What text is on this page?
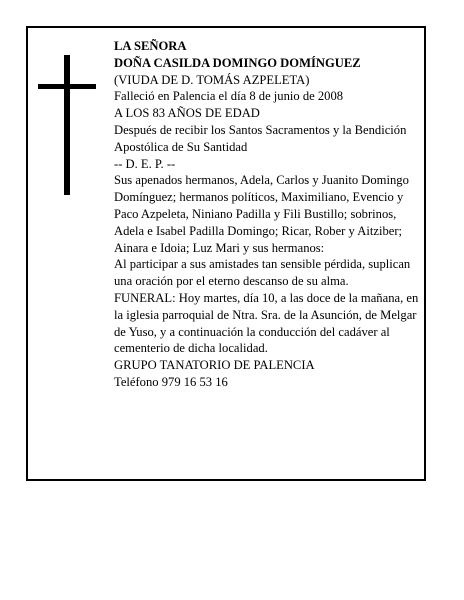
LA SEÑORA

DOÑA CASILDA DOMINGO DOMÍNGUEZ

(VIUDA DE D. TOMÁS AZPELETA)

Falleció en Palencia el día 8 de junio de 2008

A LOS 83 AÑOS DE EDAD

Después de recibir los Santos Sacramentos y la Bendición Apostólica de Su Santidad

-- D. E. P. --

Sus apenados hermanos, Adela, Carlos y Juanito Domingo Domínguez; hermanos políticos, Maximiliano, Evencio y Paco Azpeleta, Niniano Padilla y Fili Bustillo; sobrinos, Adela e Isabel Padilla Domingo; Ricar, Rober y Aitziber; Ainara e Idoia; Luz Mari y sus hermanos:

Al participar a sus amistades tan sensible pérdida, suplican una oración por el eterno descanso de su alma.

FUNERAL: Hoy martes, día 10, a las doce de la mañana, en la iglesia parroquial de Ntra. Sra. de la Asunción, de Melgar de Yuso, y a continuación la conducción del cadáver al cementerio de dicha localidad.

GRUPO TANATORIO DE PALENCIA

Teléfono 979 16 53 16
